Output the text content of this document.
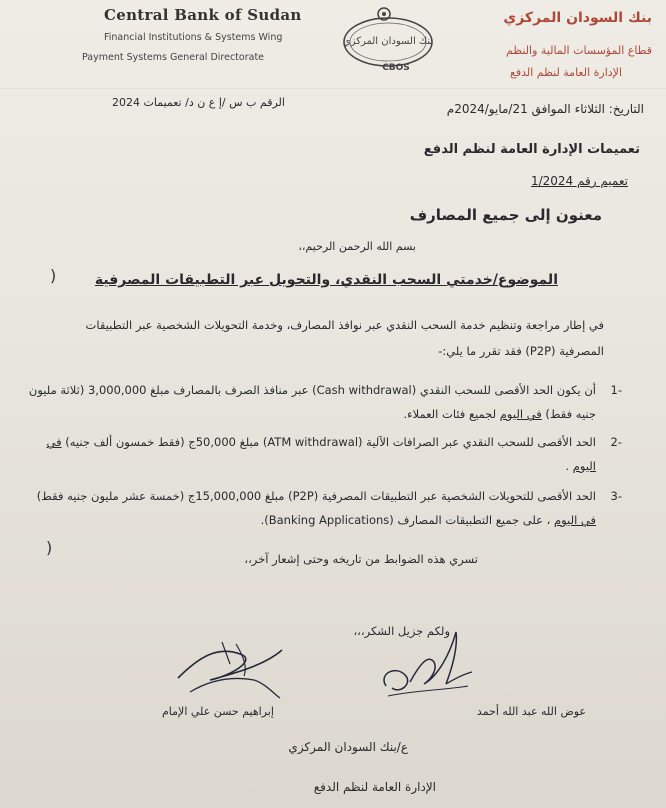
Central Bank of Sudan
Financial Institutions & Systems Wing
Payment Systems General Directorate
بنك السودان المركزي
CBOS
بنك السودان المركزي
قطاع المؤسسات المالية والنظم
الإدارة العامة لنظم الدفع
الرقم ب س /إ ع ن د/ تعميمات 2024	التاريخ: الثلاثاء الموافق 21/مايو/2024م
تعميمات الإدارة العامة لنظم الدفع
تعميم رقم 1/2024
معنون إلى جميع المصارف
بسم الله الرحمن الرحيم،،
)	الموضوع/خدمتي السحب النقدي، والتحويل عبر التطبيقات المصرفية
في إطار مراجعة وتنظيم خدمة السحب النقدي عبر نوافذ المصارف، وخدمة التحويلات الشخصية عبر التطبيقات المصرفية (P2P) فقد تقرر ما يلي:-
-1
أن يكون الحد الأقصى للسحب النقدي (Cash withdrawal) عبر منافذ الصرف بالمصارف مبلغ 3,000,000 (ثلاثة مليون جنيه فقط) في اليوم لجميع فئات العملاء.
-2
الحد الأقصى للسحب النقدي عبر الصرافات الآلية (ATM withdrawal) مبلغ 50,000ج (فقط خمسون ألف جنيه) في اليوم .
-3
الحد الأقصى للتحويلات الشخصية عبر التطبيقات المصرفية (P2P) مبلغ 15,000,000ج (خمسة عشر مليون جنيه فقط) في اليوم ، على جميع التطبيقات المصارف (Banking Applications).
)
تسري هذه الضوابط من تاريخه وحتى إشعار آخر،،
ولكم جزيل الشكر،،،
إبراهيم حسن علي الإمام	عوض الله عبد الله أحمد
ع/بنك السودان المركزي
الإدارة العامة لنظم الدفع
